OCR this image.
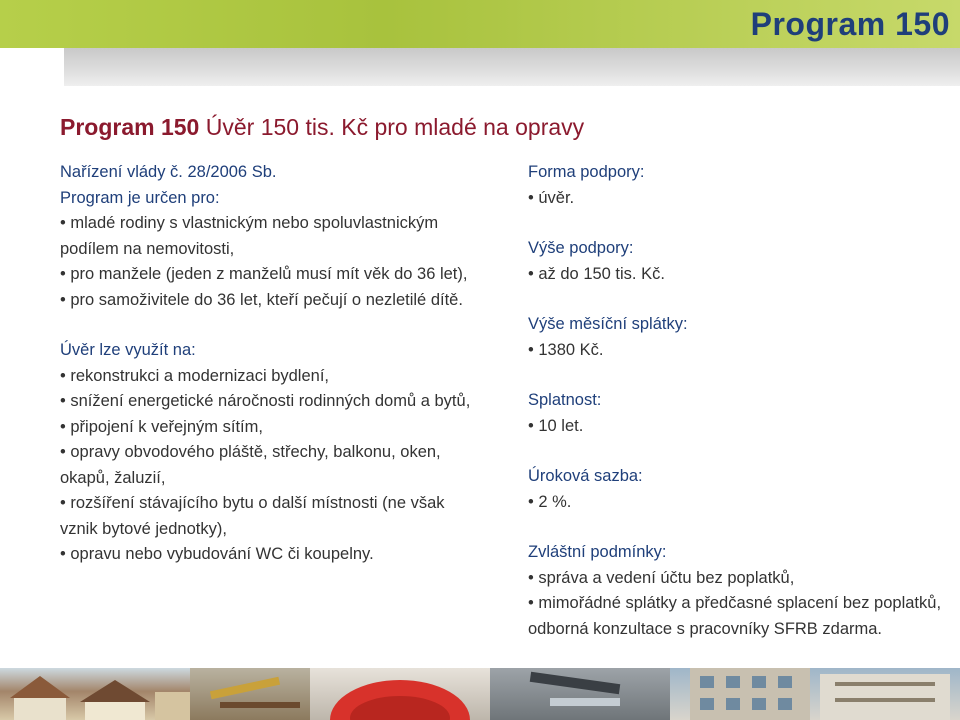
Program 150
Program 150 Úvěr 150 tis. Kč pro mladé na opravy

Nařízení vlády č. 28/2006 Sb.

Program je určen pro:

• mladé rodiny s vlastnickým nebo spoluvlastnickým podílem na nemovitosti,

• pro manžele (jeden z manželů musí mít věk do 36 let),

• pro samoživitele do 36 let, kteří pečují o nezletilé dítě.

Úvěr lze využít na:

• rekonstrukci a modernizaci bydlení,

• snížení energetické náročnosti rodinných domů a bytů,

• připojení k veřejným sítím,

• opravy obvodového pláště, střechy, balkonu, oken, okapů, žaluzií,

• rozšíření stávajícího bytu o další místnosti (ne však vznik bytové jednotky),

• opravu nebo vybudování WC či koupelny.

Forma podpory:

• úvěr.

Výše podpory:

• až do 150 tis. Kč.

Výše měsíční splátky:

• 1380 Kč.

Splatnost:

• 10 let.

Úroková sazba:

• 2 %.

Zvláštní podmínky:

• správa a vedení účtu bez poplatků,

• mimořádné splátky a předčasné splacení bez poplatků, odborná konzultace s pracovníky SFRB zdarma.
